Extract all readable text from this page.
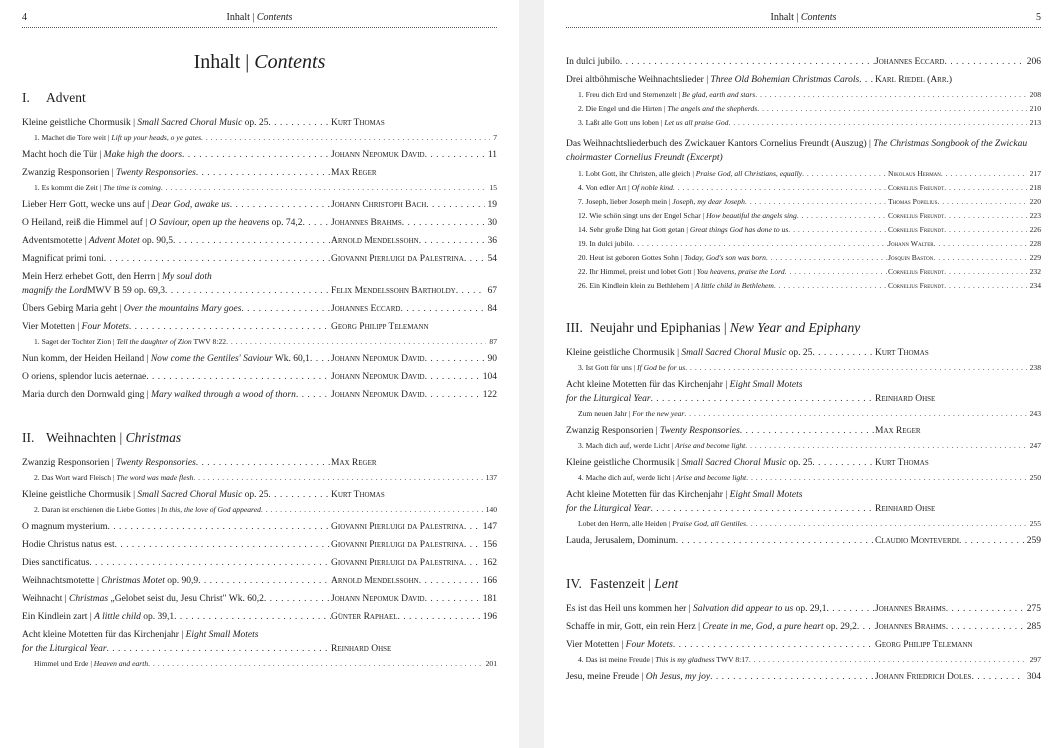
4	Inhalt | Contents
Inhalt | Contents
I. Advent
Kleine geistliche Chormusik | Small Sacred Choral Music op. 25 . . .	Kurt Thomas
1. Machet die Tore weit | Lift up your heads, o ye gates . . .	7
Macht hoch die Tür | Make high the doors . . .	Johann Nepomuk David . . .	11
Zwanzig Responsorien | Twenty Responsories . . .	Max Reger
1. Es kommt die Zeit | The time is coming . . .	15
Lieber Herr Gott, wecke uns auf | Dear God, awake us . . .	Johann Christoph Bach . . .	19
O Heiland, reiß die Himmel auf | O Saviour, open up the heavens op. 74,2 . . .	Johannes Brahms . . .	30
Adventsmotette | Advent Motet op. 90,5 . . .	Arnold Mendelssohn . . .	36
Magnificat primi toni . . .	Giovanni Pierluigi da Palestrina . . .	54
Mein Herz erhebet Gott, den Herrn | My soul doth
magnify the Lord MWV B 59 op. 69,3 . . .	Felix Mendelssohn Bartholdy . . .	67
Übers Gebirg Maria geht | Over the mountains Mary goes . . .	Johannes Eccard . . .	84
Vier Motetten | Four Motets . . .	Georg Philipp Telemann
1. Saget der Tochter Zion | Tell the daughter of Zion TWV 8:22 . . .	87
Nun komm, der Heiden Heiland | Now come the Gentiles' Saviour Wk. 60,1 . . . Johann Nepomuk David . . .	90
O oriens, splendor lucis aeternae . . .	Johann Nepomuk David . . .	104
Maria durch den Dornwald ging | Mary walked through a wood of thorn . . .	Johann Nepomuk David . . .	122
II. Weihnachten | Christmas
Zwanzig Responsorien | Twenty Responsories . . .	Max Reger
2. Das Wort ward Fleisch | The word was made flesh . . .	137
Kleine geistliche Chormusik | Small Sacred Choral Music op. 25 . . .	Kurt Thomas
2. Daran ist erschienen die Liebe Gottes | In this, the love of God appeared . . .	140
O magnum mysterium . . .	Giovanni Pierluigi da Palestrina . . .	147
Hodie Christus natus est . . .	Giovanni Pierluigi da Palestrina . . .	156
Dies sanctificatus . . .	Giovanni Pierluigi da Palestrina . . .	162
Weihnachtsmotette | Christmas Motet op. 90,9 . . .	Arnold Mendelssohn . . .	166
Weihnacht | Christmas „Gelobet seist du, Jesu Christ" Wk. 60,2 . . .	Johann Nepomuk David . . .	181
Ein Kindlein zart | A little child op. 39,1 . . .	Günter Raphael . . .	196
Acht kleine Motetten für das Kirchenjahr | Eight Small Motets
for the Liturgical Year . . .	Reinhard Ohse
Himmel und Erde | Heaven and earth . . .	201
5
Inhalt | Contents
In dulci jubilo . . .	Johannes Eccard . . .	206
Drei altböhmische Weihnachtslieder | Three Old Bohemian Christmas Carols . . . Karl Riedel (Arr.)
1. Freu dich Erd und Sternenzelt | Be glad, earth and stars . . .	208
2. Die Engel und die Hirten | The angels and the shepherds . . .	210
3. Laßt alle Gott uns loben | Let us all praise God . . .	213
Das Weihnachtsliederbuch des Zwickauer Kantors Cornelius Freundt (Auszug) | The Christmas Songbook of the Zwickau choirmaster Cornelius Freundt (Excerpt)
1. Lobt Gott, ihr Christen, alle gleich | Praise God, all Christians, equally . . .	Nikolaus Herman . . .	217
4. Von edler Art | Of noble kind . . .	Cornelius Freundt . . .	218
7. Joseph, lieber Joseph mein | Joseph, my dear Joseph . . .	Thomas Popelius . . .	220
12. Wie schön singt uns der Engel Schar | How beautiful the angels sing . . .	Cornelius Freundt . . .	223
14. Sehr große Ding hat Gott getan | Great things God has done to us . . .	Cornelius Freundt . . .	226
19. In dulci jubilo . . .	Johann Walter . . .	228
20. Heut ist geboren Gottes Sohn | Today, God's son was born . . .	Josquin Baston . . .	229
22. Ihr Himmel, preist und lobet Gott | You heavens, praise the Lord . . .	Cornelius Freundt . . .	232
26. Ein Kindlein klein zu Bethlehem | A little child in Bethlehem . . .	Cornelius Freundt . . .	234
III. Neujahr und Epiphanias | New Year and Epiphany
Kleine geistliche Chormusik | Small Sacred Choral Music op. 25 . . .	Kurt Thomas
3. Ist Gott für uns | If God be for us . . .	238
Acht kleine Motetten für das Kirchenjahr | Eight Small Motets
for the Liturgical Year . . .	Reinhard Ohse
Zum neuen Jahr | For the new year . . .	243
Zwanzig Responsorien | Twenty Responsories . . .	Max Reger
3. Mach dich auf, werde Licht | Arise and become light . . .	247
Kleine geistliche Chormusik | Small Sacred Choral Music op. 25 . . .	Kurt Thomas
4. Mache dich auf, werde licht | Arise and become light . . .	250
Acht kleine Motetten für das Kirchenjahr | Eight Small Motets
for the Liturgical Year . . .	Reinhard Ohse
Lobet den Herrn, alle Heiden | Praise God, all Gentiles . . .	255
Lauda, Jerusalem, Dominum . . .	Claudio Monteverdi . . .	259
IV. Fastenzeit | Lent
Es ist das Heil uns kommen her | Salvation did appear to us op. 29,1 . . .	Johannes Brahms . . .	275
Schaffe in mir, Gott, ein rein Herz | Create in me, God, a pure heart op. 29,2 . . . Johannes Brahms . . .	285
Vier Motetten | Four Motets . . .	Georg Philipp Telemann
4. Das ist meine Freude | This is my gladness TWV 8:17 . . .	297
Jesu, meine Freude | Oh Jesus, my joy . . .	Johann Friedrich Doles . . .	304
